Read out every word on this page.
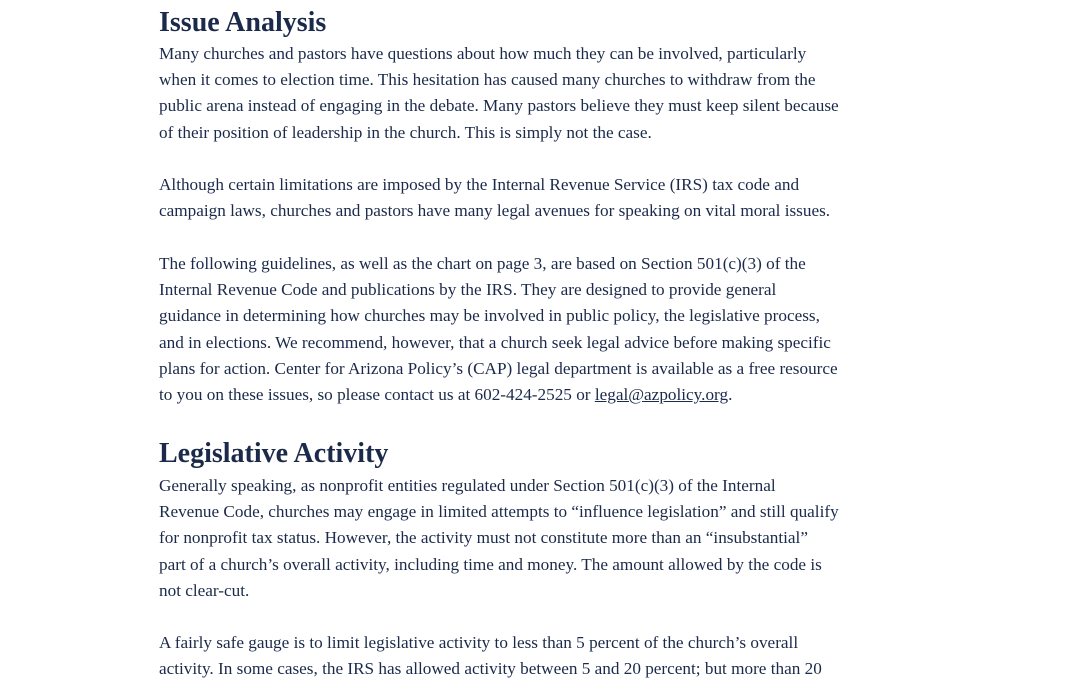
Issue Analysis

Many churches and pastors have questions about how much they can be involved, particularly
when it comes to election time. This hesitation has caused many churches to withdraw from the
public arena instead of engaging in the debate. Many pastors believe they must keep silent because
of their position of leadership in the church. This is simply not the case.

Although certain limitations are imposed by the Internal Revenue Service (IRS) tax code and
campaign laws, churches and pastors have many legal avenues for speaking on vital moral issues.

The following guidelines, as well as the chart on page 3, are based on Section 501(c)(3) of the
Internal Revenue Code and publications by the IRS. They are designed to provide general
guidance in determining how churches may be involved in public policy, the legislative process,
and in elections. We recommend, however, that a church seek legal advice before making specific
plans for action. Center for Arizona Policy’s (CAP) legal department is available as a free resource
to you on these issues, so please contact us at 602-424-2525 or legal@azpolicy.org.

Legislative Activity

Generally speaking, as nonprofit entities regulated under Section 501(c)(3) of the Internal
Revenue Code, churches may engage in limited attempts to “influence legislation” and still qualify
for nonprofit tax status. However, the activity must not constitute more than an “insubstantial”
part of a church’s overall activity, including time and money. The amount allowed by the code is
not clear-cut.

A fairly safe gauge is to limit legislative activity to less than 5 percent of the church’s overall
activity. In some cases, the IRS has allowed activity between 5 and 20 percent; but more than 20
